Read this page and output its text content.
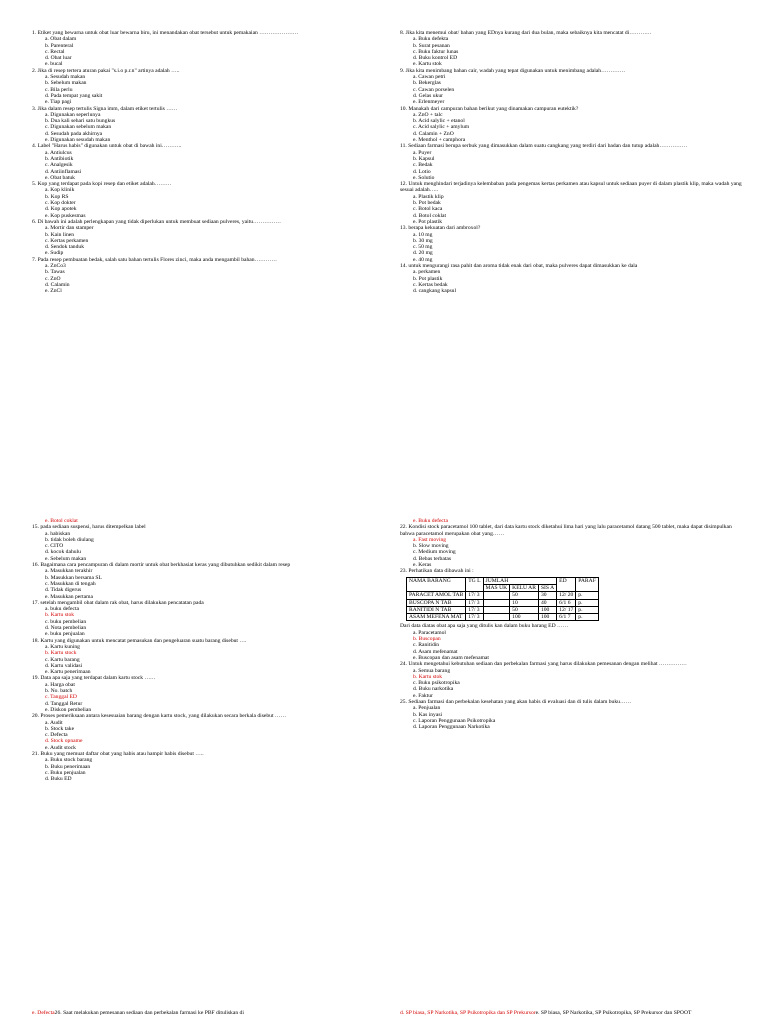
1. Etiket yang bewarna untuk obat luar bewarna biru, ini menandakan obat tersebut untuk pemakaian …………………
a. Obat dalam
b. Parenteral
c. Rectal
d. Obat luar
e. bucal
2. Jika di resep tertera aturan pakai "s.i.o p.r.n" artinya adalah …..
a. Sesudah makan
b. Sebelum makan
c. Bila perlu
d. Pada tempat yang sakit
e. Tiap pagi
3. Jika dalam resep tertulis Signa imm, dalam etiket tertulis ……
a. Digunakan seperlunya
b. Dua kali sehari satu bungkus
c. Digunakan sebelum makan
d. Sesudah pada akhirnya
e. Digunakan sesudah makan
4. Label "Harus habis" digunakan untuk obat di bawah ini………..
a. Antiulcus
b. Antibiotik
c. Analgesik
d. Antiinflamasi
e. Obat batuk
5. Kop yang terdapat pada kopi resep dan etiket adalah………
a. Kop klinik
b. Kop RS
c. Kop dokter
d. Kop apotek
e. Kop puskesmas
6. Di bawah ini adalah perlengkapan yang tidak diperlukan untuk membuat sediaan pulveres, yaitu……………
a. Mortir dan stamper
b. Kain linen
c. Kertas perkamen
d. Sendok tanduk
e. Sudip
7. Pada resep pembuatan bedak, salah satu bahan tertulis Flores zinci, maka anda mengambil bahan…………
a. ZnCo3
b. Tawas
c. ZnO
d. Calamin
e. ZnCl
8. Jika kita menemui obat/ bahan yang EDnya kurang dari dua bulan, maka sebaiknya kita mencatat di…………
a. Buku defekta
b. Surat pesanan
c. Buku faktur lunas
d. Buku kontrol ED
e. Kartu stok
9. Jika kita menimbang bahan cair, wadah yang tepat digunakan untuk menimbang adalah………….
a. Cawan petri
b. Bekerglas
c. Cawan porselen
d. Gelas ukur
e. Erlenmeyer
10. Manakah dari campuran bahan berikut yang dinamakan campuran eutektik?
a. ZnO + talc
b. Acid salylic + etanol
c. Acid salylic + amylum
d. Calamin + ZnO
e. Menthol + camphora
11. Sediaan farmasi berupa serbuk yang dimasukkan dalam suatu cangkang yang terdiri dari badan dan tutup adalah……………
a. Puyer
b. Kapsul
c. Bedak
d. Lotio
e. Solutio
12. Untuk menghindari terjadinya kelembaban pada pengemas kertas perkamen atau kapsul untuk sediaan puyer di dalam plastik klip, maka wadah yang sesuai adalah…..
a. Plastik klip
b. Pot bedak
c. Botol kaca
d. Botol coklat
e. Pot plastik
13. berapa kekuatan dari ambroxol?
a. 10 mg
b. 30 mg
c. 50 mg
d. 20 mg
e. 40 mg
14. untuk mengurangi rasa pahit dan aroma tidak enak dari obat, maka pulveres dapat dimasukkan ke dala
a. perkamen
b. Pot plastik
c. Kertas bedak
d. cangkang kapsul
e. Botol coklat
15. pada sediaan suspensi, harus ditempelkan label
a. habiskan
b. tidak boleh diulang
c. CITO
d. kocok dahulu
e. Sebelum makan
16. Bagaimana cara pencampuran di dalam mortir untuk obat berkhasiat keras yang dibutuhkan sedikit dalam resep
a. Masukkan terakhir
b. Masukkan bersama SL
c. Masukkan di tengah
d. Tidak digerus
e. Masukkan pertama
17. setelah mengambil obat dalam rak obat, harus dilakukan pencatatan pada
a. buku defecta
b. Kartu stok
c. buku pembelian
d. Nota pembelian
e. buku penjualan
18. Kartu yang digunakan untuk mencatat pemasukan dan pengeluaran suatu barang disebut ….
a. Kartu kuning
b. Kartu stock
c. Kartu barang
d. Kartu validasi
e. Kartu penerimaan
19. Data apa saja yang terdapat dalam kartu stock ……
a. Harga obat
b. No. batch
c. Tanggal ED
d. Tanggal Retur
e. Diskon pembelian
20. Proses pemeriksaan antara kesesuaian barang dengan kartu stock, yang dilakukan secara berkala disebut ……
a. Audit
b. Stock take
c. Defecta
d. Stock opname
e. Audit stock
21. Buku yang memuat daftar obat yang habis atau hampir habis disebut …..
a. Buku stock barang
b. Buku penerimaan
c. Buku penjualan
d. Buku ED
e. Buku defecta
22. Kondisi stock paracetamol 100 tablet, dari data kartu stock diketahui lima hari yang lalu paracetamol datang 500 tablet, maka dapat disimpulkan bahwa paracetamol merupakan obat yang……
a. Fast moving
b. Slow moving
c. Medium moving
d. Bebas terbatas
e. Keras
23. Perhatikan data dibawah ini :
NAMA BARANG	TG L	JUMLAH			ED	PARAF
		MAS UK	KELU AR	SIS A		
PARACET AMOL TAB	17/ 3		50	30	12/ 20	p.
BUSCOPA N TAB	17/ 3		10	40	6/1 6	p.
RANITIDI N TAB	17/ 3		50	100	12/ 17	p.
ASAM MEFENA MAT	17/ 3		100	100	6/1 7	p.
Dari data diatas obat apa saja yang ditulis kan dalam buku barang ED ……
a. Paracetamol
b. Buscopan
c. Ranitidin
d. Asam mefenamat
e. Buscopan dan asam mefenamat
24. Untuk mengetahui kebutuhan sediaan dan perbekalan farmasi yang harus dilakukan pemesanan dengan melihat ……………
a. Semua barang
b. Kartu stok
c. Buku psikotropika
d. Buku narkotika
e. Faktur
25. Sediaan farmasi dan perbekalan kesehatan yang akan habis di evaluasi dan di tulis dalam buku……
a. Penjualan
b. Kas inyasi
c. Laporan Penggunaan Psikotropika
d. Laporan Penggunaan Narkotika
e. Defecta26. Saat melakukan pemesanan sediaan dan perbekalan farmasi ke PBF dituliskan di	d. SP biasa, SP Narkotika, SP Psikotropika dan SP Prekursore. SP biasa, SP Narkotika, SP Psikotropika, SP Prekursor dan SPOOT
